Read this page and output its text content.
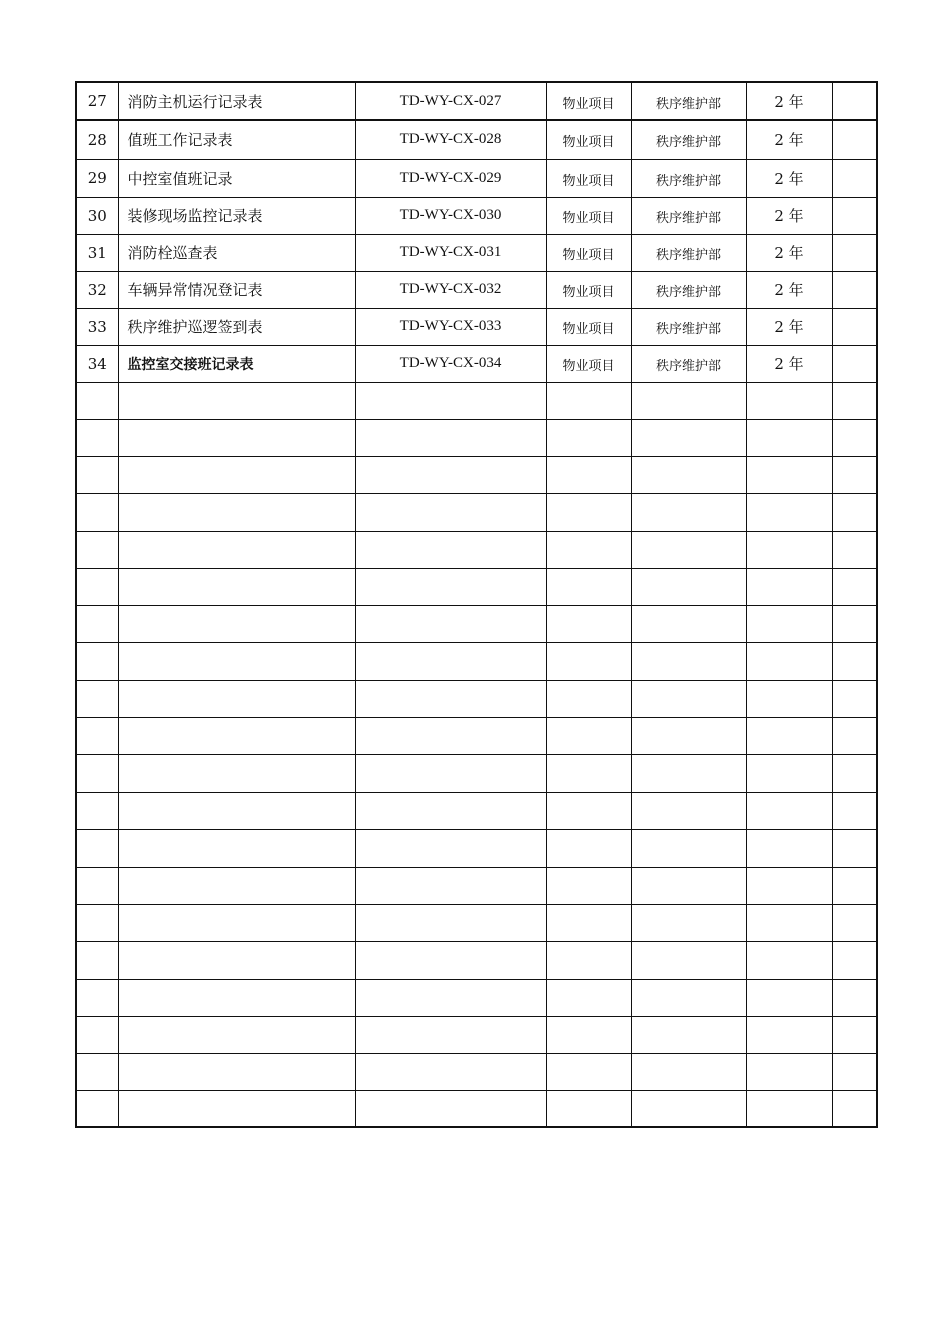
27	消防主机运行记录表	TD-WY-CX-027	物业项目	秩序维护部	2 年	
28	值班工作记录表	TD-WY-CX-028	物业项目	秩序维护部	2 年	
29	中控室值班记录	TD-WY-CX-029	物业项目	秩序维护部	2 年	
30	装修现场监控记录表	TD-WY-CX-030	物业项目	秩序维护部	2 年	
31	消防栓巡查表	TD-WY-CX-031	物业项目	秩序维护部	2 年	
32	车辆异常情况登记表	TD-WY-CX-032	物业项目	秩序维护部	2 年	
33	秩序维护巡逻签到表	TD-WY-CX-033	物业项目	秩序维护部	2 年	
34	监控室交接班记录表	TD-WY-CX-034	物业项目	秩序维护部	2 年	
